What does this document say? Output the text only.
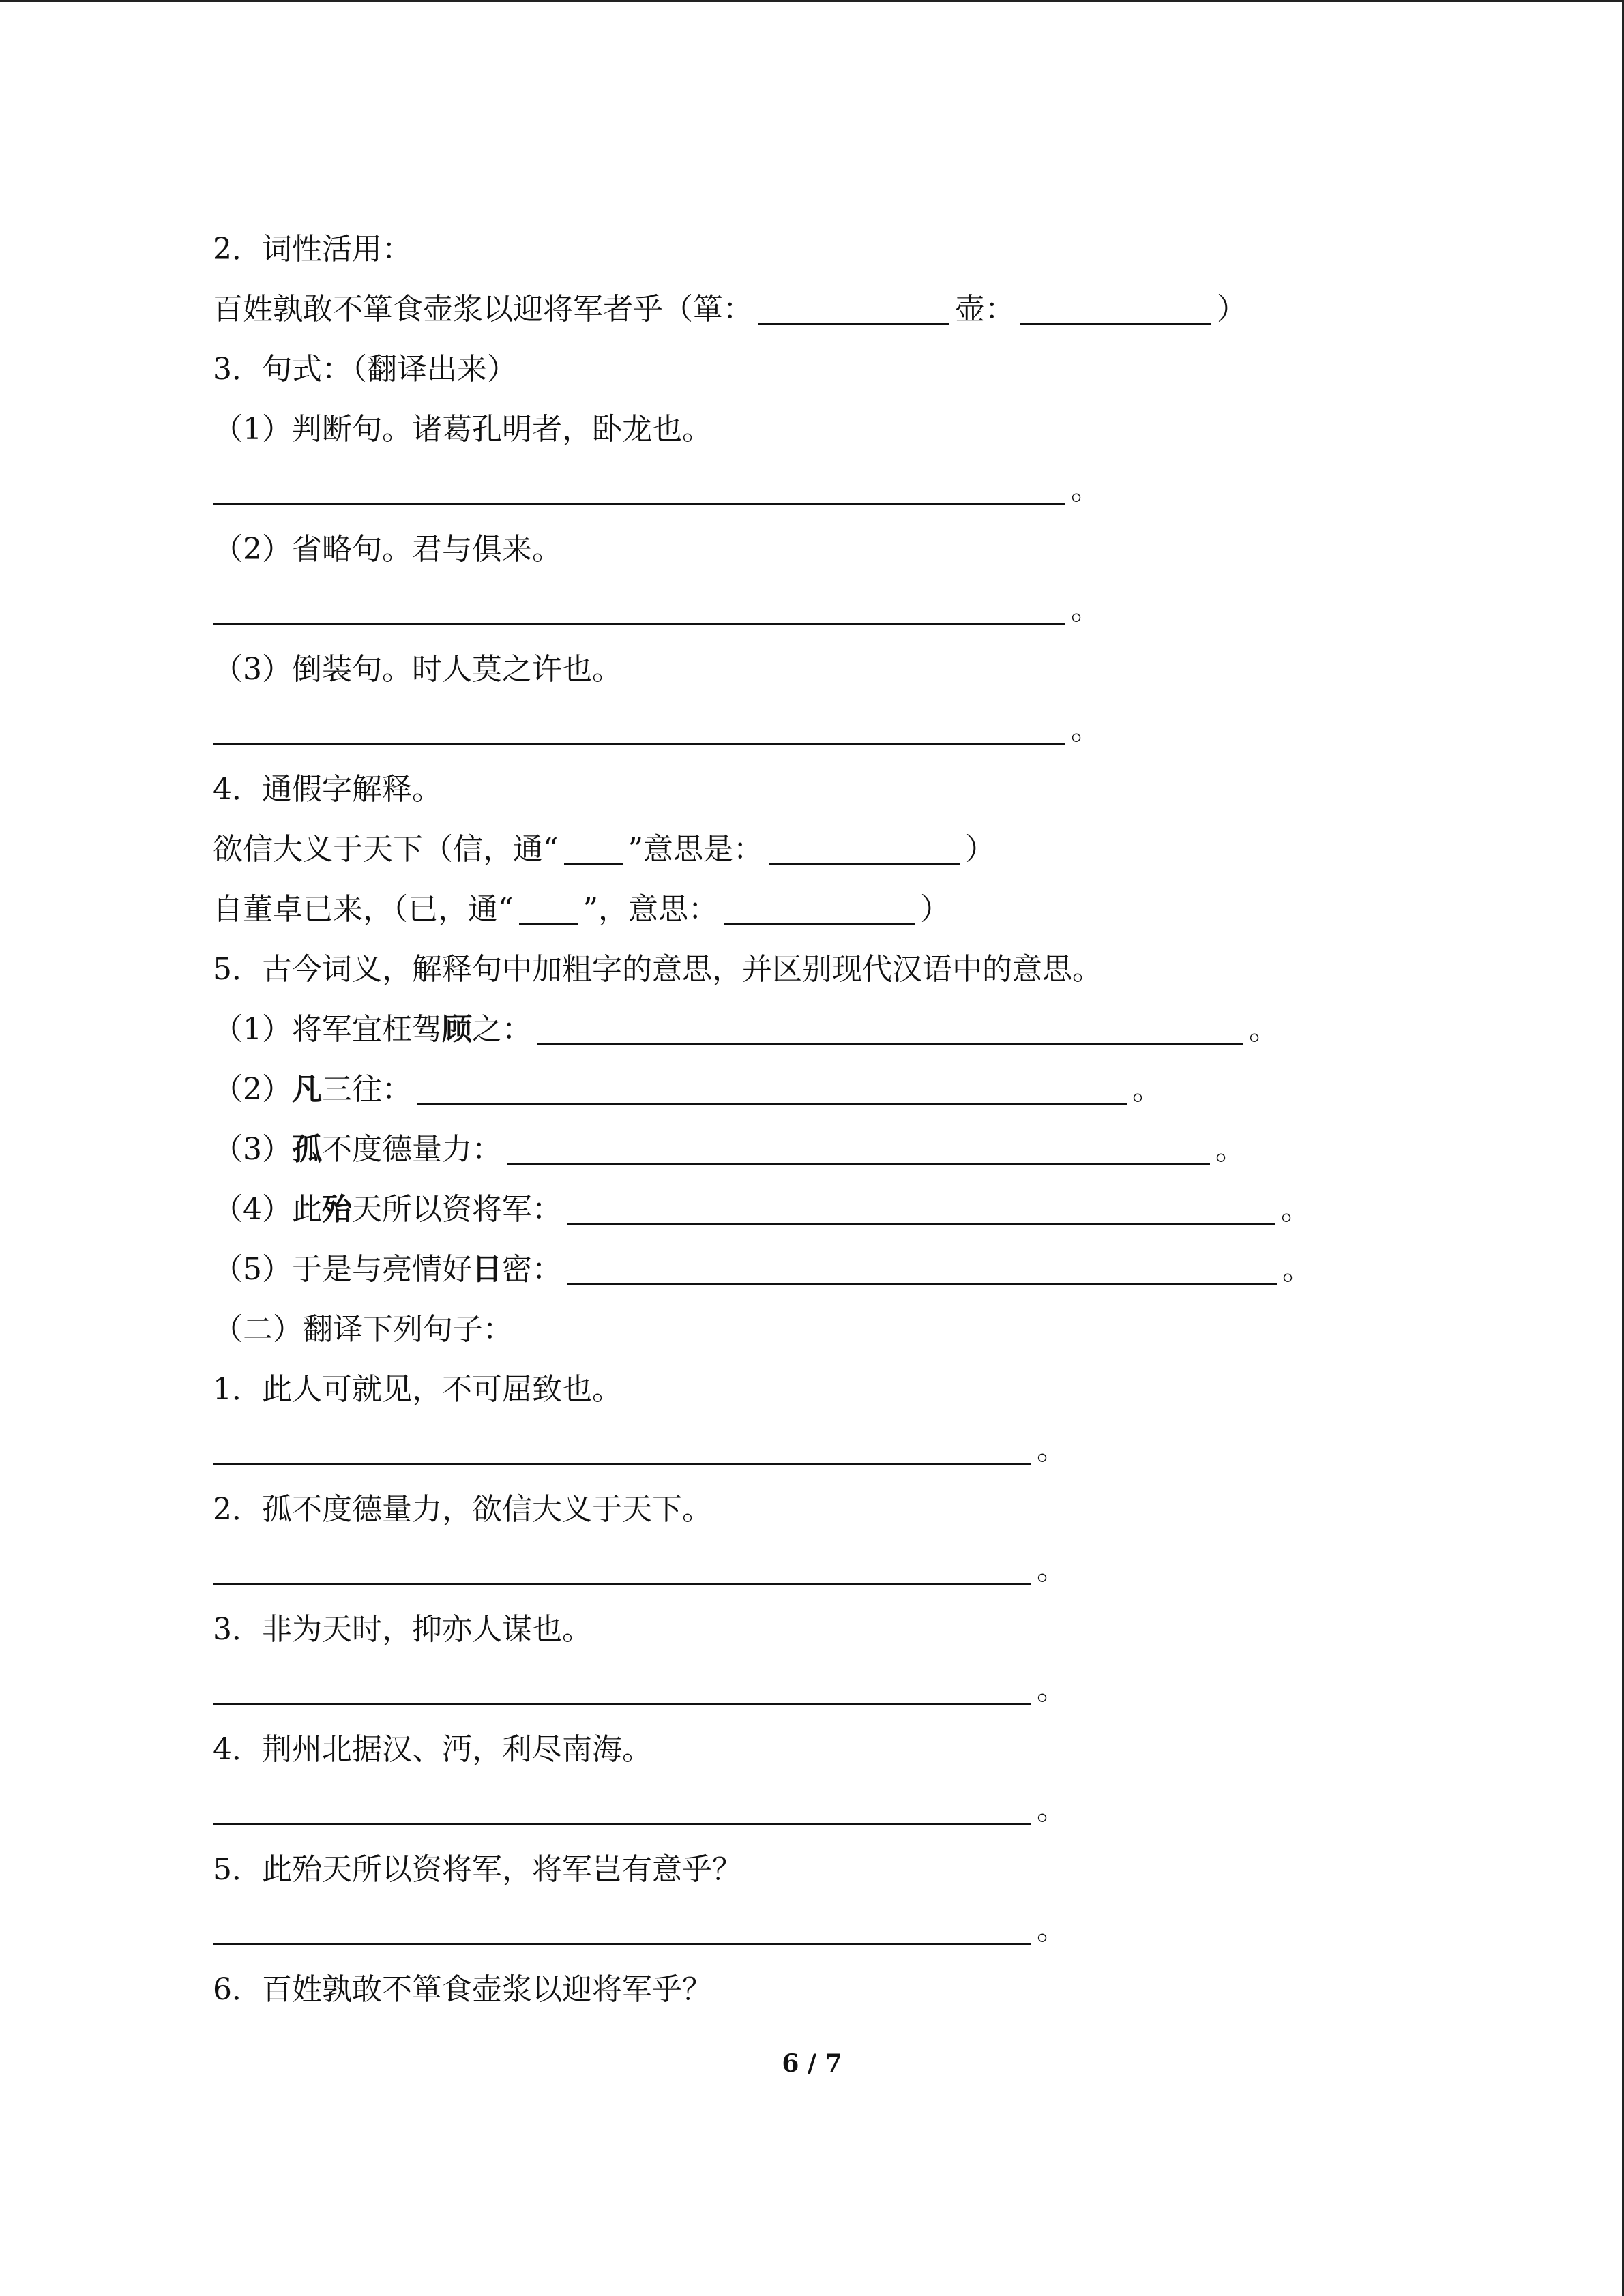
2．词性活用：
百姓孰敢不箪食壶浆以迎将军者乎（箪：	壶：	）
3．句式：（翻译出来）
（1）判断句。诸葛孔明者，卧龙也。
。
（2）省略句。君与俱来。
。
（3）倒装句。时人莫之许也。
。
4．通假字解释。
欲信大义于天下（信，通“ ”意思是：	）
自董卓已来，（已，通“ ”，意思：	）
5．古今词义，解释句中加粗字的意思，并区别现代汉语中的意思。
（1）将军宜枉驾 顾 之：	。
（2） 凡 三往：	。
（3） 孤 不度德量力：	。
（4）此 殆 天所以资将军：	。
（5）于是与亮情好 日 密：	。
（二）翻译下列句子：
1．此人可就见，不可屈致也。
。
2．孤不度德量力，欲信大义于天下。
。
3．非为天时，抑亦人谋也。
。
4．荆州北据汉、沔，利尽南海。
。
5．此殆天所以资将军，将军岂有意乎？
。
6．百姓孰敢不箪食壶浆以迎将军乎？
6 / 7
